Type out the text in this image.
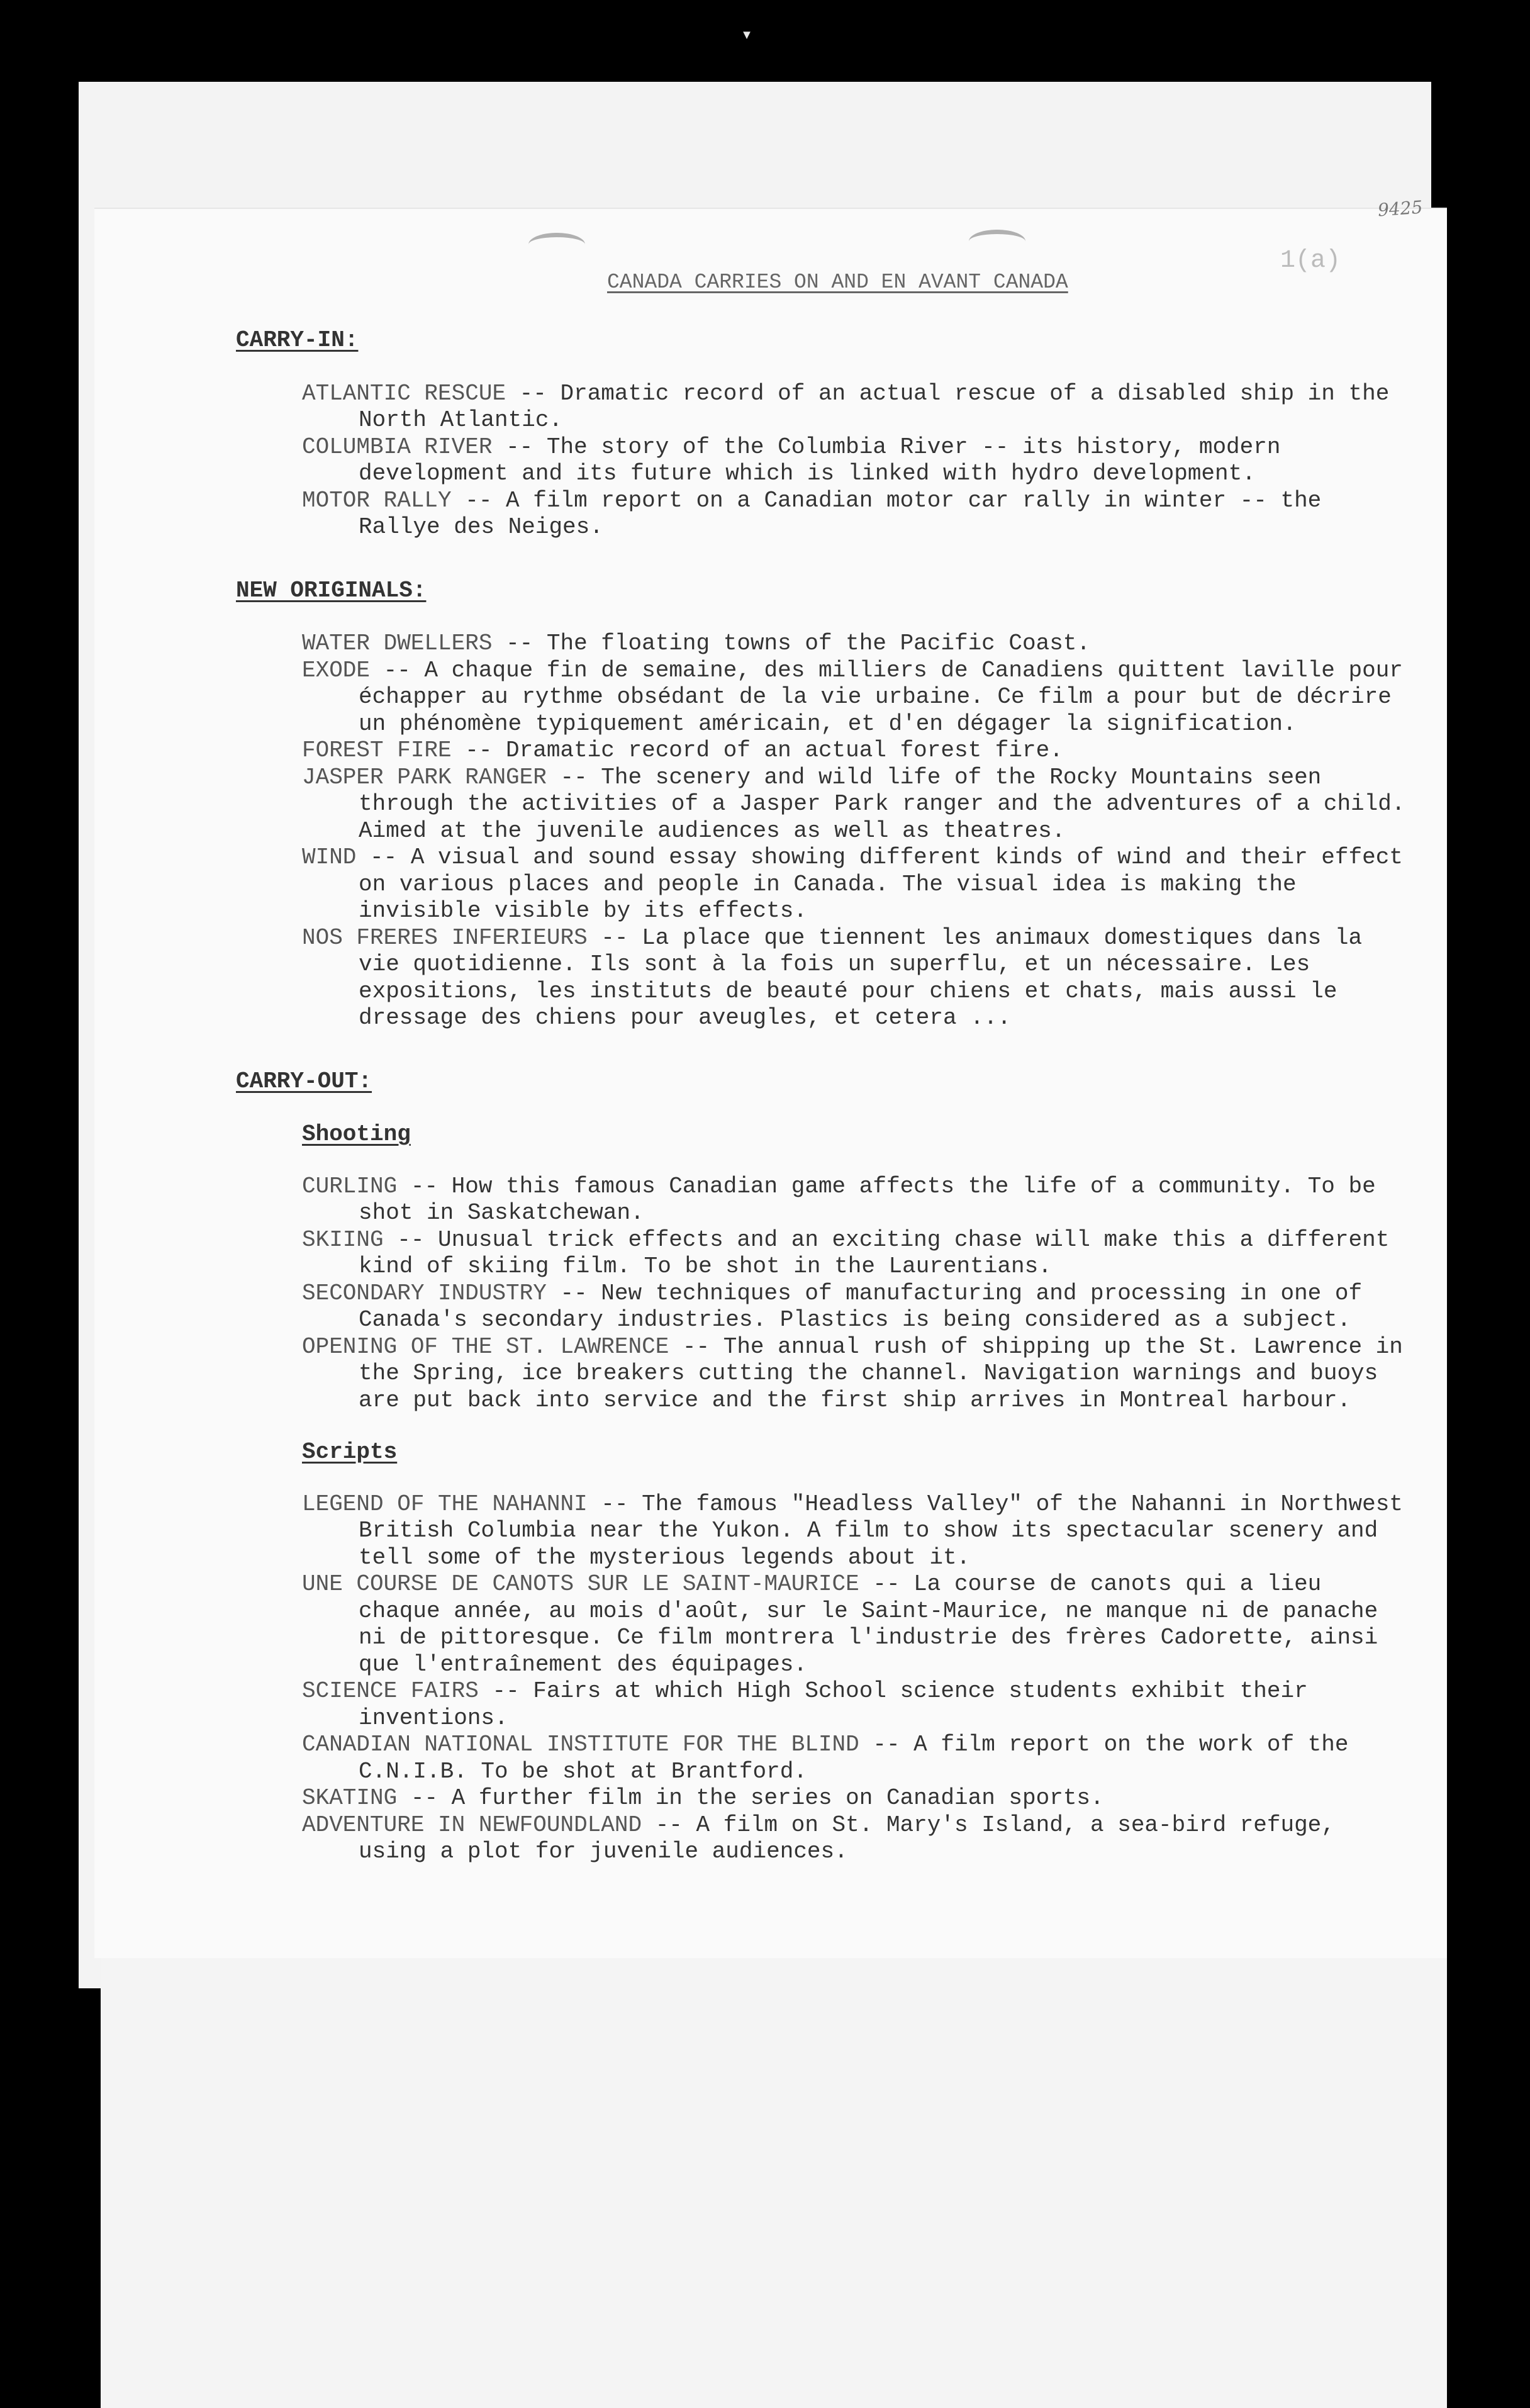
▾
9425
1(a)
CANADA CARRIES ON AND EN AVANT CANADA
CARRY-IN:
ATLANTIC RESCUE -- Dramatic record of an actual rescue of a disabled ship in the North Atlantic.
COLUMBIA RIVER -- The story of the Columbia River -- its history, modern development and its future which is linked with hydro development.
MOTOR RALLY -- A film report on a Canadian motor car rally in winter -- the Rallye des Neiges.
NEW ORIGINALS:
WATER DWELLERS -- The floating towns of the Pacific Coast.
EXODE -- A chaque fin de semaine, des milliers de Canadiens quittent laville pour échapper au rythme obsédant de la vie urbaine. Ce film a pour but de décrire un phénomène typiquement américain, et d'en dégager la signification.
FOREST FIRE -- Dramatic record of an actual forest fire.
JASPER PARK RANGER -- The scenery and wild life of the Rocky Mountains seen through the activities of a Jasper Park ranger and the adventures of a child. Aimed at the juvenile audiences as well as theatres.
WIND -- A visual and sound essay showing different kinds of wind and their effect on various places and people in Canada. The visual idea is making the invisible visible by its effects.
NOS FRERES INFERIEURS -- La place que tiennent les animaux domestiques dans la vie quotidienne. Ils sont à la fois un superflu, et un nécessaire. Les expositions, les instituts de beauté pour chiens et chats, mais aussi le dressage des chiens pour aveugles, et cetera ...
CARRY-OUT:
Shooting
CURLING -- How this famous Canadian game affects the life of a community. To be shot in Saskatchewan.
SKIING -- Unusual trick effects and an exciting chase will make this a different kind of skiing film. To be shot in the Laurentians.
SECONDARY INDUSTRY -- New techniques of manufacturing and processing in one of Canada's secondary industries. Plastics is being considered as a subject.
OPENING OF THE ST. LAWRENCE -- The annual rush of shipping up the St. Lawrence in the Spring, ice breakers cutting the channel. Navigation warnings and buoys are put back into service and the first ship arrives in Montreal harbour.
Scripts
LEGEND OF THE NAHANNI -- The famous "Headless Valley" of the Nahanni in Northwest British Columbia near the Yukon. A film to show its spectacular scenery and tell some of the mysterious legends about it.
UNE COURSE DE CANOTS SUR LE SAINT-MAURICE -- La course de canots qui a lieu chaque année, au mois d'août, sur le Saint-Maurice, ne manque ni de panache ni de pittoresque. Ce film montrera l'industrie des frères Cadorette, ainsi que l'entraînement des équipages.
SCIENCE FAIRS -- Fairs at which High School science students exhibit their inventions.
CANADIAN NATIONAL INSTITUTE FOR THE BLIND -- A film report on the work of the C.N.I.B. To be shot at Brantford.
SKATING -- A further film in the series on Canadian sports.
ADVENTURE IN NEWFOUNDLAND -- A film on St. Mary's Island, a sea-bird refuge, using a plot for juvenile audiences.
